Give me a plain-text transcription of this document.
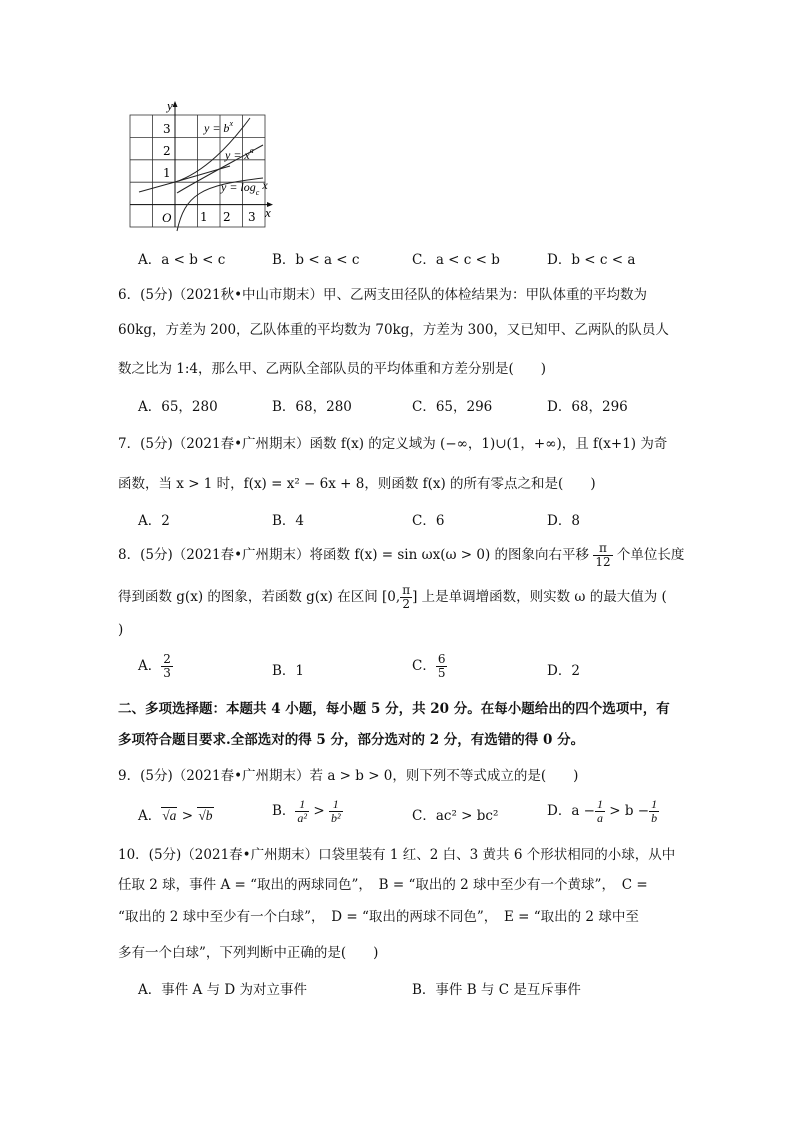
y
x
O 1 2 3
1
2
3	$y = b^x$
$y = x^a$
$y = \log_cx$
A．a < b < c	B．b < a < c	C．a < c < b	D．b < c < a
6．(5分)（2021秋•中山市期末）甲、乙两支田径队的体检结果为：甲队体重的平均数为
60kg，方差为 200，乙队体重的平均数为 70kg，方差为 300，又已知甲、乙两队的队员人
数之比为 1:4，那么甲、乙两队全部队员的平均体重和方差分别是(　　)
A．65，280	B．68，280	C．65，296	D．68，296
7．(5分)（2021春•广州期末）函数 f(x) 的定义域为 (−∞，1)∪(1，+∞)，且 f(x+1) 为奇
函数，当 x > 1 时，f(x) = x² − 6x + 8，则函数 f(x) 的所有零点之和是(　　)
A．2	B．4	C．6	D．8
8．(5分)（2021春•广州期末）将函数 f(x) = sin ωx(ω > 0) 的图象向右平移 $\frac{\pi}{12}$ 个单位长度
得到函数 g(x) 的图象，若函数 g(x) 在区间 [0, $\frac{\pi}{2}$ ] 上是单调增函数，则实数 ω 的最大值为 (
)
A． $\frac{2}{3}$	B．1	C． $\frac{6}{5}$	D．2
二、多项选择题：本题共 4 小题，每小题 5 分，共 20 分。在每小题给出的四个选项中，有
多项符合题目要求.全部选对的得 5 分，部分选对的 2 分，有选错的得 0 分。
9．(5分)（2021春•广州期末）若 a > b > 0，则下列不等式成立的是(　　)
A．√a > √b	B． $\frac{1}{\text{a²}} > \frac{1}{\text{b²}}$	C．ac² > bc²	D．$a - \frac{1}{a} > b - \frac{1}{b}$
10．(5分)（2021春•广州期末）口袋里装有 1 红、2 白、3 黄共 6 个形状相同的小球，从中
任取 2 球，事件 A = “取出的两球同色”，　B = “取出的 2 球中至少有一个黄球”，　C =
“取出的 2 球中至少有一个白球”，　D = “取出的两球不同色”，　E = “取出的 2 球中至
多有一个白球”，下列判断中正确的是(　　)
A．事件 A 与 D 为对立事件	B．事件 B 与 C 是互斥事件
